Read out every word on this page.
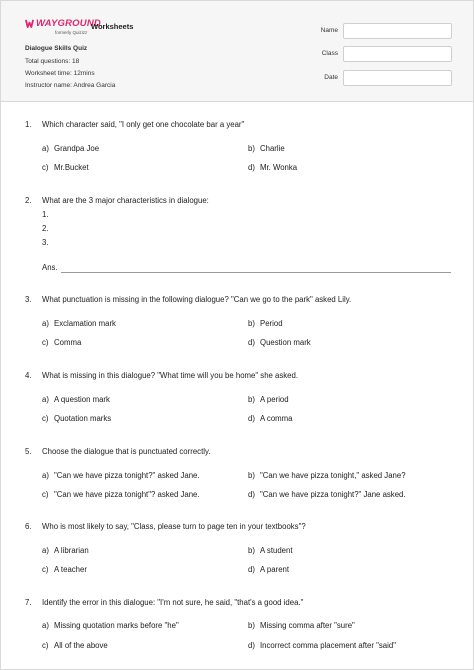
WAYGROUND
formerly Quizizz
Worksheets
Dialogue Skills Quiz
Total questions: 18
Worksheet time: 12mins
Instructor name: Andrea Garcia
Name
Class
Date
1. Which character said, "I only get one chocolate bar a year"
a) Grandpa Joe	b) Charlie
c) Mr.Bucket	d) Mr. Wonka
2. What are the 3 major characteristics in dialogue:
1.
2.
3.
Ans.
3. What punctuation is missing in the following dialogue? "Can we go to the park" asked Lily.
a) Exclamation mark	b) Period
c) Comma	d) Question mark
4. What is missing in this dialogue? "What time will you be home" she asked.
a) A question mark	b) A period
c) Quotation marks	d) A comma
5. Choose the dialogue that is punctuated correctly.
a) "Can we have pizza tonight?" asked Jane.	b) "Can we have pizza tonight," asked Jane?
c) "Can we have pizza tonight"? asked Jane.	d) "Can we have pizza tonight?" Jane asked.
6. Who is most likely to say, "Class, please turn to page ten in your textbooks"?
a) A librarian	b) A student
c) A teacher	d) A parent
7. Identify the error in this dialogue: "I'm not sure, he said, "that's a good idea."
a) Missing quotation marks before "he"	b) Missing comma after "sure"
c) All of the above	d) Incorrect comma placement after "said"
